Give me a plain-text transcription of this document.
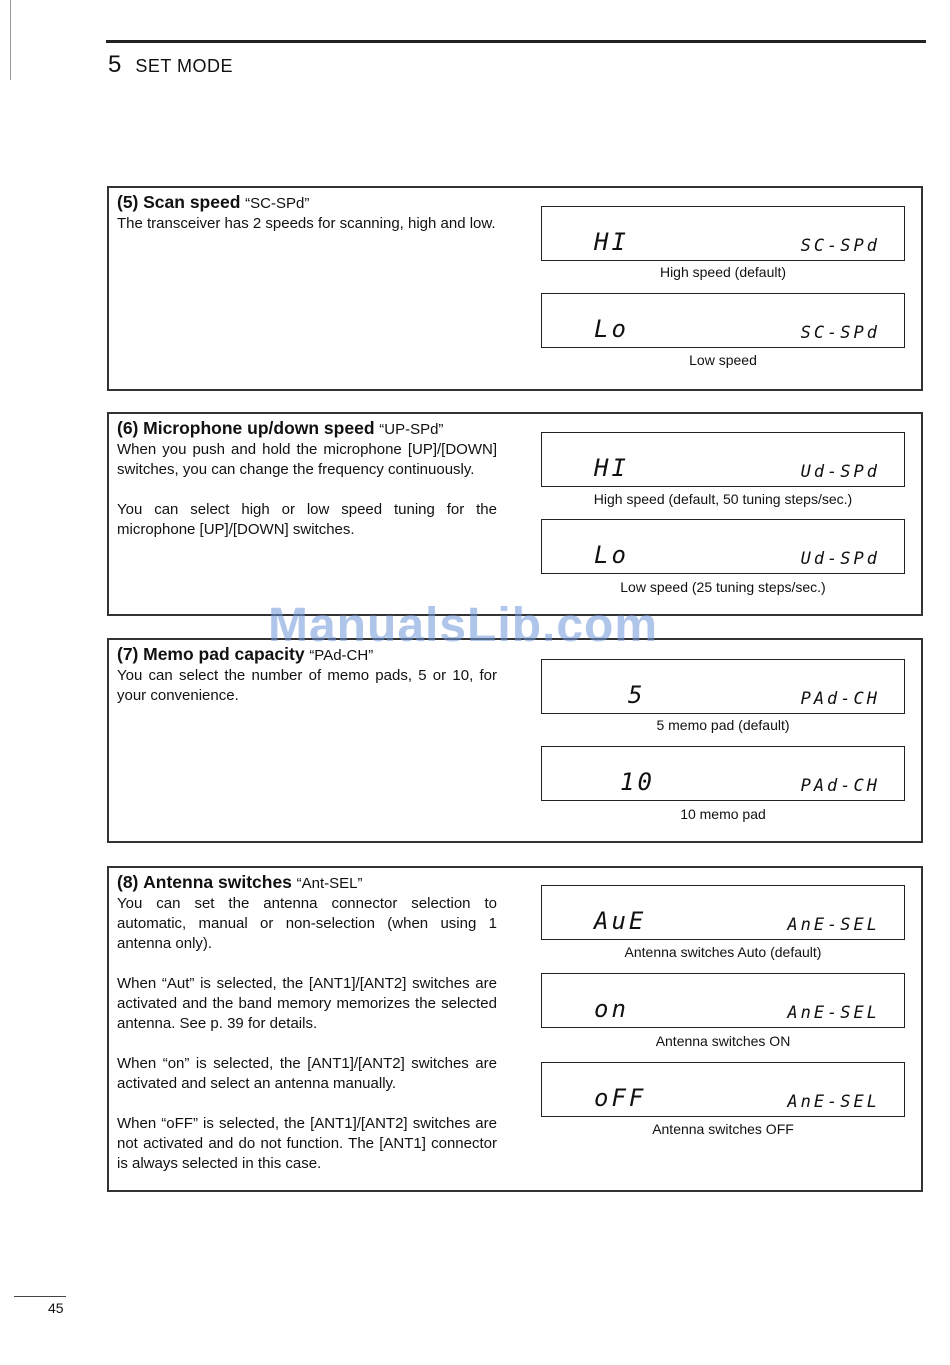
5 SET MODE
(5) Scan speed “SC-SPd”

The transceiver has 2 speeds for scanning, high and low.

HI	SC-SPd
High speed (default)
Lo	SC-SPd
Low speed
(6) Microphone up/down speed “UP-SPd”

When you push and hold the microphone [UP]/[DOWN] switches, you can change the frequency continuously.

You can select high or low speed tuning for the microphone [UP]/[DOWN] switches.

HI	Ud-SPd
High speed (default, 50 tuning steps/sec.)
Lo	Ud-SPd
Low speed (25 tuning steps/sec.)
(7) Memo pad capacity “PAd-CH”

You can select the number of memo pads, 5 or 10, for your convenience.	5	PAd-CH
5 memo pad (default)
10	PAd-CH
10 memo pad
(8) Antenna switches “Ant-SEL”

You can set the antenna connector selection to automatic, manual or non-selection (when using 1 antenna only).

When “Aut” is selected, the [ANT1]/[ANT2] switches are activated and the band memory memorizes the selected antenna. See p. 39 for details.

When “on” is selected, the [ANT1]/[ANT2] switches are activated and select an antenna manually.

When “oFF” is selected, the [ANT1]/[ANT2] switches are not activated and do not function. The [ANT1] connector is always selected in this case.

AuE	AnE-SEL
Antenna switches Auto (default)
on	AnE-SEL
Antenna switches ON
oFF	AnE-SEL
Antenna switches OFF
ManualsLib.com
45
